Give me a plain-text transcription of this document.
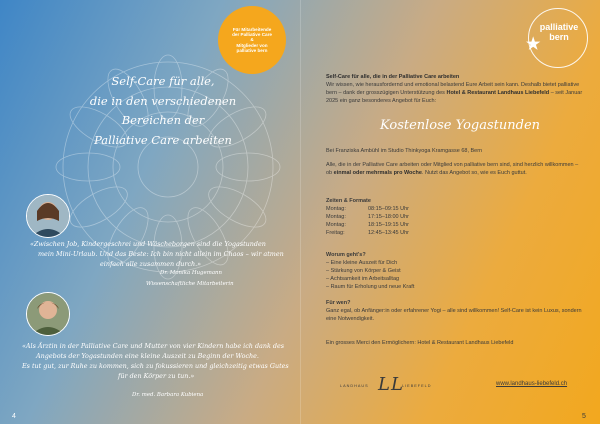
Für Mitarbeitende
der Palliative Care
&
Mitglieder von
palliative bern
Self-Care für alle,
die in den verschiedenen
Bereichen der
Palliative Care arbeiten
«Zwischen Job, Kindergeschrei und Wäscheborgen sind die Yogastunden
mein Mini-Urlaub. Und das Beste: Ich bin nicht allein im Chaos – wir atmen
einfach alle zusammen durch.»
Dr. Monika Hugemann
Wissenschaftliche Mitarbeiterin
«Als Ärztin in der Palliative Care und Mutter von vier Kindern habe ich dank des
Angebots der Yogastunden eine kleine Auszeit zu Beginn der Woche.
Es tut gut, zur Ruhe zu kommen, sich zu fokussieren und gleichzeitig etwas Gutes
für den Körper zu tun.»
Dr. med. Barbara Kubiena
4
palliative
bern
★

Self-Care für alle, die in der Palliative Care arbeiten
Wir wissen, wie herausfordernd und emotional belastend Eure Arbeit sein kann. Deshalb bietet palliative bern – dank der grosszügigen Unterstützung des Hotel & Restaurant Landhaus Liebefeld – seit Januar 2025 ein ganz besonderes Angebot für Euch:

Kostenlose Yogastunden

Bei Franziska Ambühl im Studio Thinkyoga Kramgasse 68, Bern

Alle, die in der Palliative Care arbeiten oder Mitglied von palliative bern sind, sind herzlich willkommen – ob einmal oder mehrmals pro Woche. Nutzt das Angebot so, wie es Euch guttut.

Zeiten & Formate
Montag:	08:15–09:15 Uhr
Montag:	17:15–18:00 Uhr
Montag:	18:15–19:15 Uhr
Freitag:	12:45–13:45 Uhr
Worum geht's?
– Eine kleine Auszeit für Dich
– Stärkung von Körper & Geist
– Achtsamkeit im Arbeitsalltag
– Raum für Erholung und neue Kraft
Für wen?
Ganz egal, ob Anfänger:in oder erfahrener Yogi – alle sind willkommen! Self-Care ist kein Luxus, sondern eine Notwendigkeit.
Ein grosses Merci den Ermöglichern: Hotel & Restaurant Landhaus Liebefeld
LANDHAUS LL
LIEBEFELD	www.landhaus-liebefeld.ch
5
